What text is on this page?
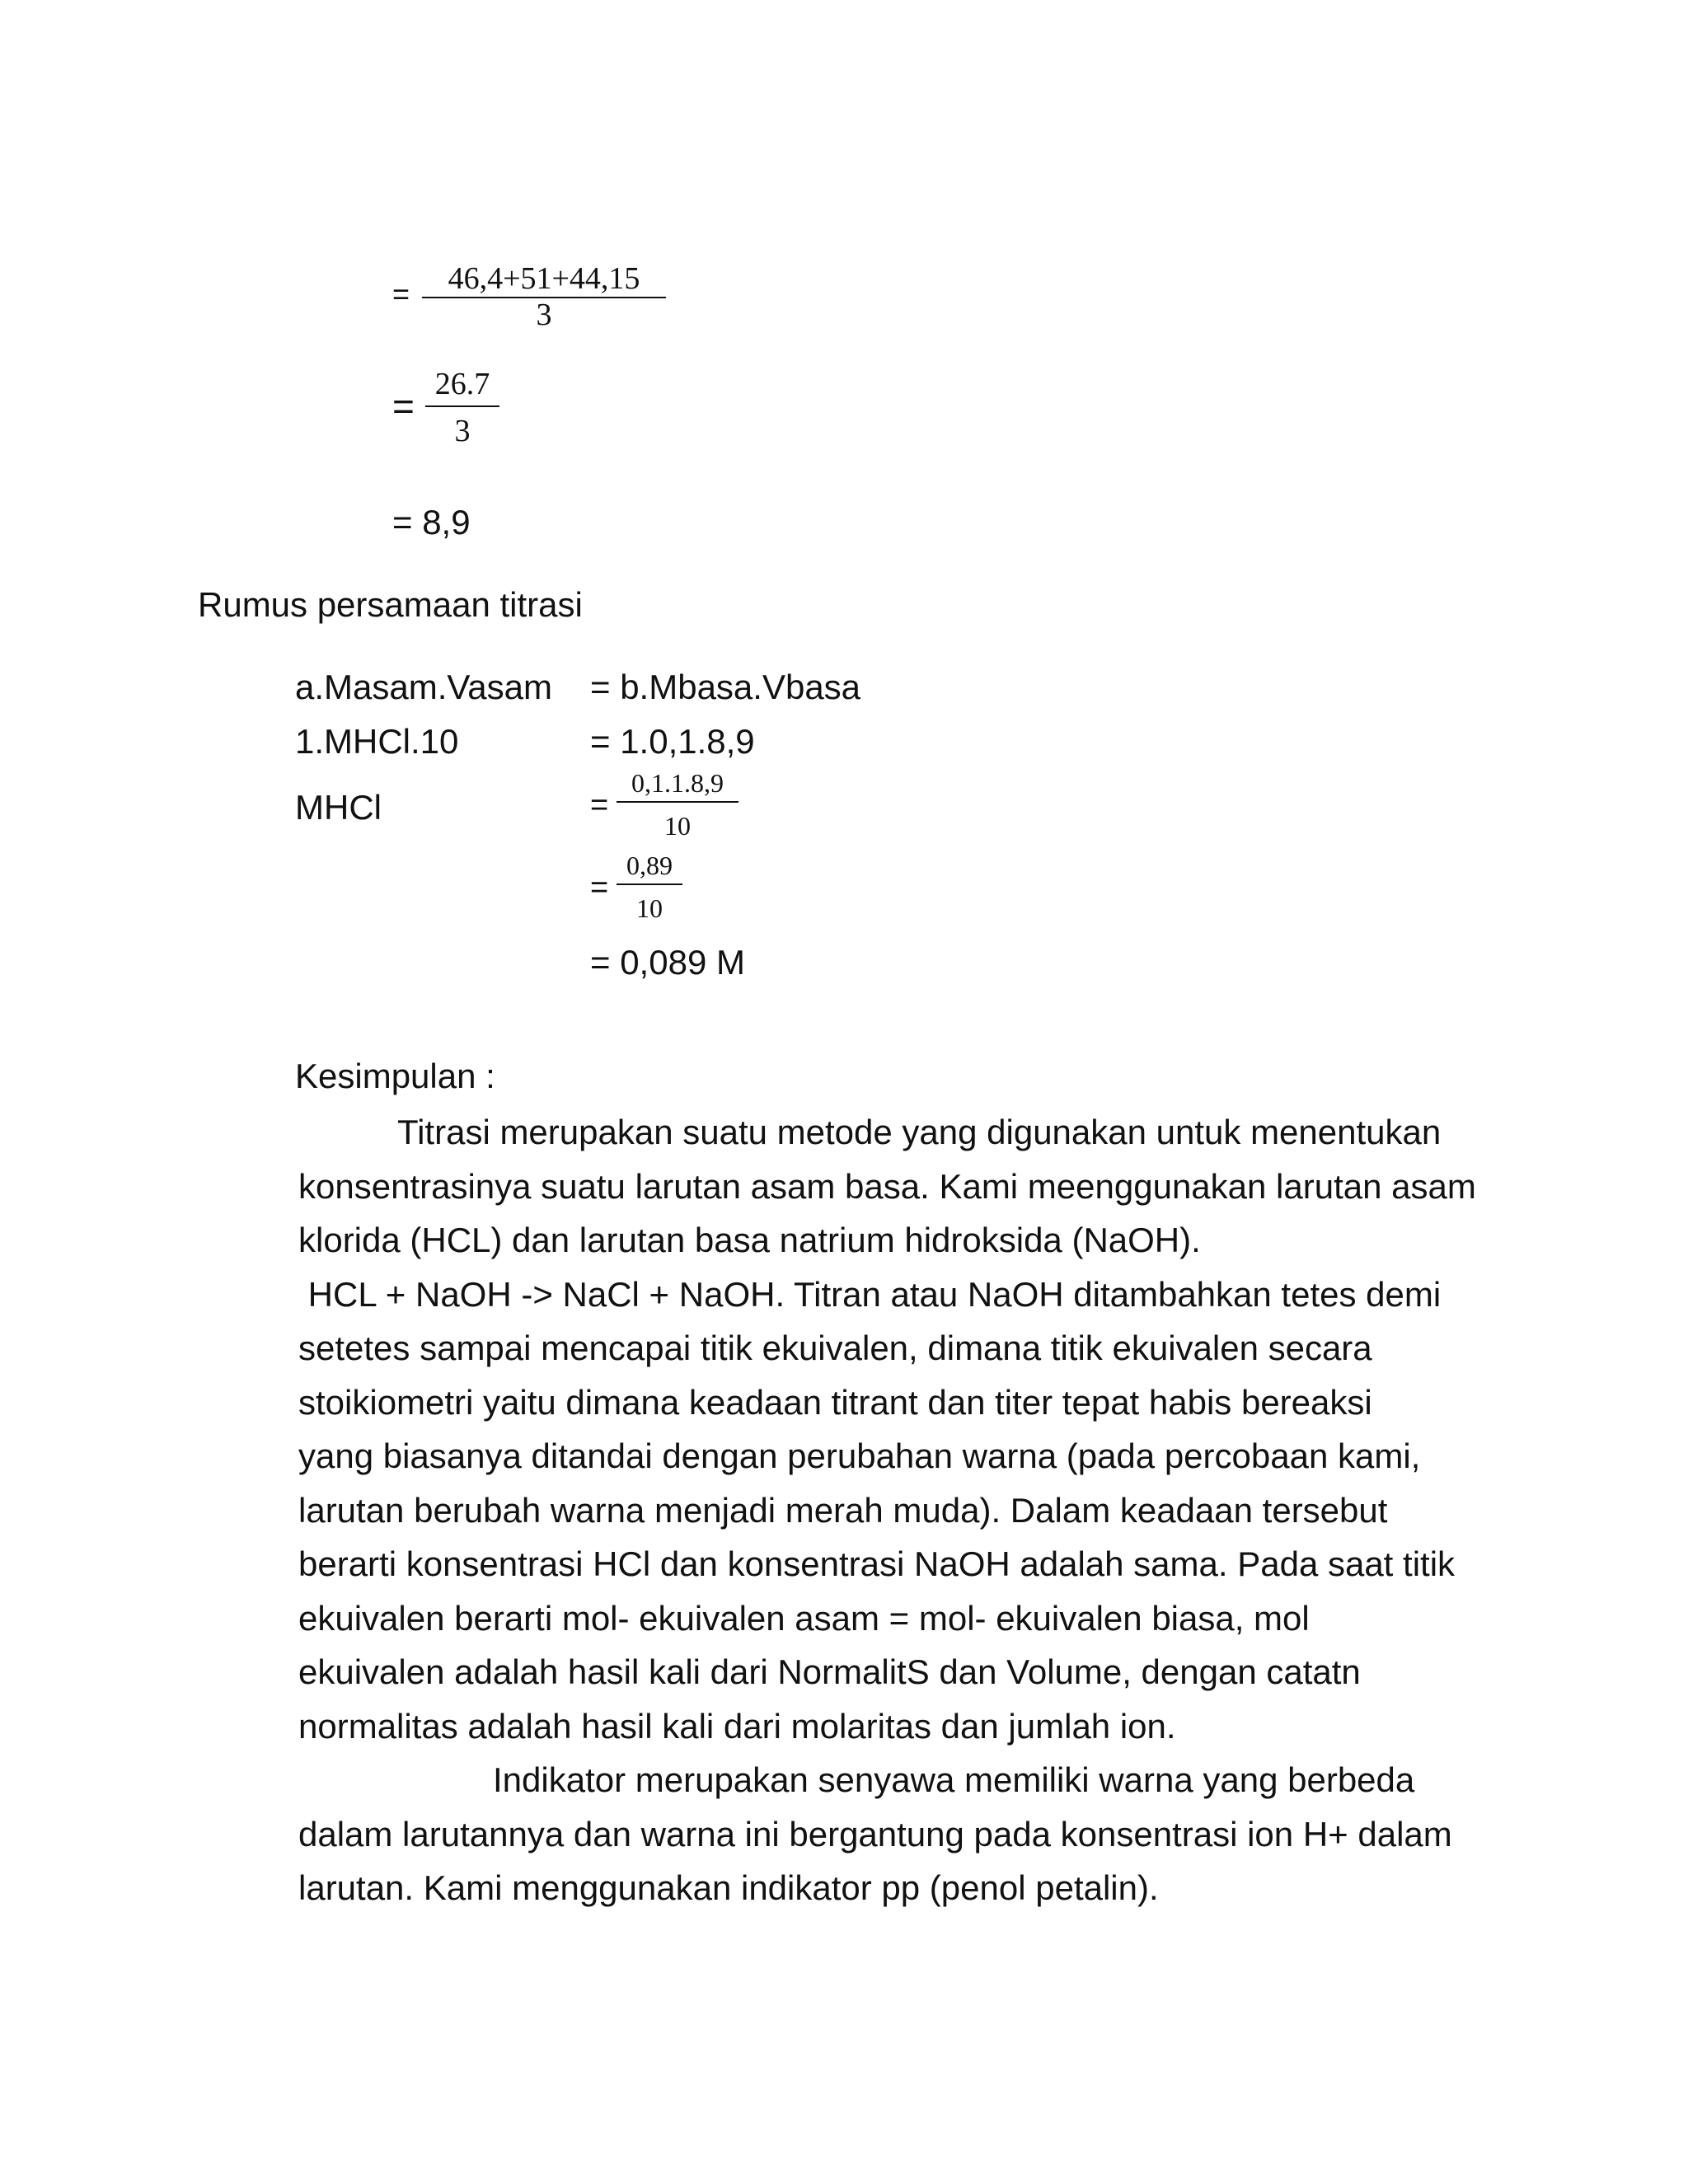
=	46,4+51+44,15
3
=
26.7
3
= 8,9
Rumus persamaan titrasi
a.Masam.Vasam = b.Mbasa.Vbasa
1.MHCl.10	= 1.0,1.8,9
MHCl	=
0,1.1.8,9
10
=
0,89
10
= 0,089 M
Kesimpulan :
Titrasi merupakan suatu metode yang digunakan untuk menentukan
konsentrasinya suatu larutan asam basa. Kami meenggunakan larutan asam
klorida (HCL) dan larutan basa natrium hidroksida (NaOH).
HCL + NaOH -> NaCl + NaOH. Titran atau NaOH ditambahkan tetes demi
setetes sampai mencapai titik ekuivalen, dimana titik ekuivalen secara
stoikiometri yaitu dimana keadaan titrant dan titer tepat habis bereaksi
yang biasanya ditandai dengan perubahan warna (pada percobaan kami,
larutan berubah warna menjadi merah muda). Dalam keadaan tersebut
berarti konsentrasi HCl dan konsentrasi NaOH adalah sama. Pada saat titik
ekuivalen berarti mol- ekuivalen asam = mol- ekuivalen biasa, mol
ekuivalen adalah hasil kali dari NormalitS dan Volume, dengan catatn
normalitas adalah hasil kali dari molaritas dan jumlah ion.
Indikator merupakan senyawa memiliki warna yang berbeda
dalam larutannya dan warna ini bergantung pada konsentrasi ion H+ dalam
larutan. Kami menggunakan indikator pp (penol petalin).
